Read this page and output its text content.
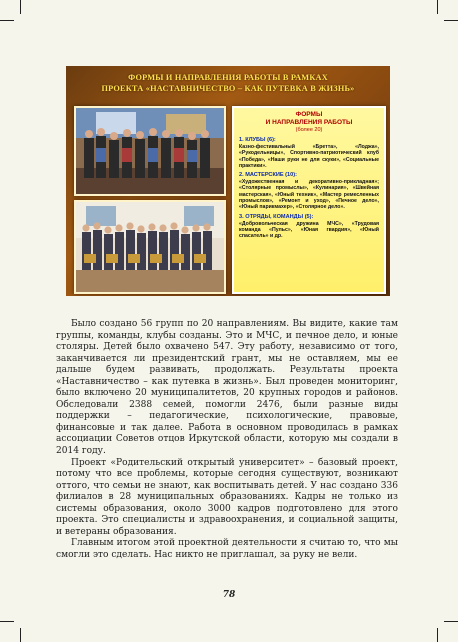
ФОРМЫ И НАПРАВЛЕНИЯ РАБОТЫ В РАМКАХ
ПРОЕКТА «НАСТАВНИЧЕСТВО – КАК ПУТЕВКА В ЖИЗНЬ»
ФОРМЫ
И НАПРАВЛЕНИЯ РАБОТЫ
(более 20)
1. КЛУБЫ (6):
Казно-фестивальный «Бретта», «Лоджа», «Рукодельницы», Спортивно-патриотический клуб «Победа», «Наши руки не для скуки», «Социальные практики».
2. МАСТЕРСКИЕ (10):
«Художественная и декоративно-прикладная»; «Столярные промыслы», «Кулинария», «Швейная мастерская», «Юный техник», «Мастер ремесленных промыслов», «Ремонт и уход», «Печное дело», «Юный парикмахер», «Столярное дело».
3. ОТРЯДЫ, КОМАНДЫ (5):
«Добровольческая дружина МЧС», «Трудовая команда «Пульс», «Юная гвардия», «Юный спасатель» и др.

Было создано 56 групп по 20 направлениям. Вы видите, какие там группы, команды, клубы созданы. Это и МЧС, и печное дело, и юные столяры. Детей было охвачено 547. Эту работу, независимо от того, заканчивается ли президентский грант, мы не оставляем, мы ее дальше будем развивать, продолжать. Результаты проекта «Наставничество – как путевка в жизнь». Был проведен мониторинг, было включено 20 муниципалитетов, 20 крупных городов и районов. Обследовали 2388 семей, помогли 2476, были разные виды поддержки – педагогические, психологические, правовые, финансовые и так далее. Работа в основном проводилась в рамках ассоциации Советов отцов Иркутской области, которую мы создали в 2014 году.

Проект «Родительский открытый университет» – базовый проект, потому что все проблемы, которые сегодня существуют, возникают оттого, что семьи не знают, как воспитывать детей. У нас создано 336 филиалов в 28 муниципальных образованиях. Кадры не только из системы образования, около 3000 кадров подготовлено для этого проекта. Это специалисты и здравоохранения, и социальной защиты, и ветераны образования.

Главным итогом этой проектной деятельности я считаю то, что мы смогли это сделать. Нас никто не приглашал, за руку не вели.

78
